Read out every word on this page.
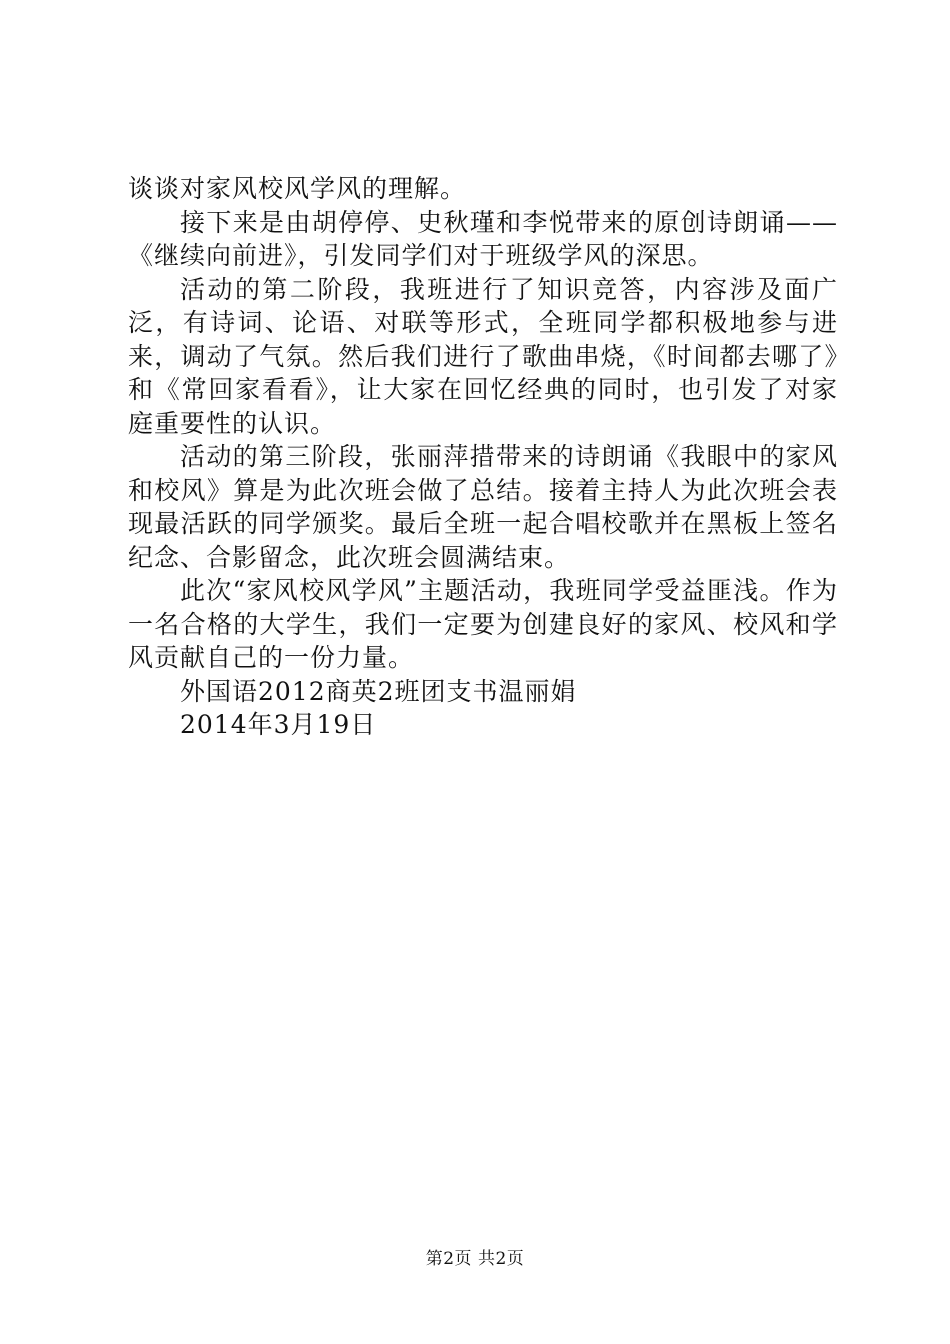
谈谈对家风校风学风的理解。

接下来是由胡停停、史秋瑾和李悦带来的原创诗朗诵——《继续向前进》，引发同学们对于班级学风的深思。

活动的第二阶段，我班进行了知识竞答，内容涉及面广泛，有诗词、论语、对联等形式，全班同学都积极地参与进来，调动了气氛。然后我们进行了歌曲串烧，《时间都去哪了》和《常回家看看》，让大家在回忆经典的同时，也引发了对家庭重要性的认识。

活动的第三阶段，张丽萍措带来的诗朗诵《我眼中的家风和校风》算是为此次班会做了总结。接着主持人为此次班会表现最活跃的同学颁奖。最后全班一起合唱校歌并在黑板上签名纪念、合影留念，此次班会圆满结束。

此次“家风校风学风”主题活动，我班同学受益匪浅。作为一名合格的大学生，我们一定要为创建良好的家风、校风和学风贡献自己的一份力量。

外国语2012商英2班团支书温丽娟

2014年3月19日

第2页 共2页
